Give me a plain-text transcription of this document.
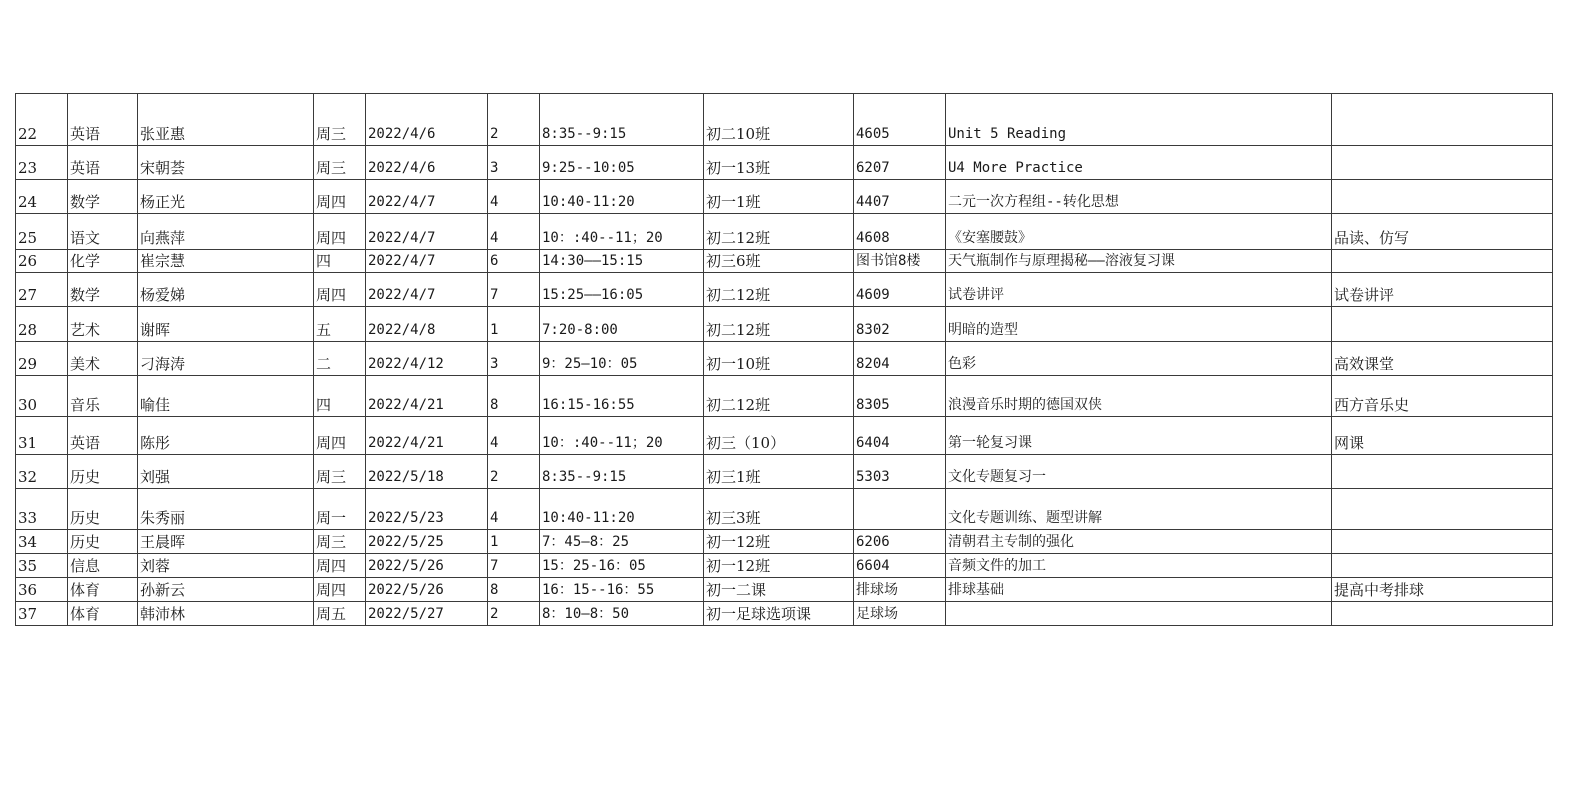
22	英语	张亚惠	周三	2022/4/6	2	8:35--9:15	初二10班	4605	Unit 5 Reading	
23	英语	宋朝荟	周三	2022/4/6	3	9:25--10:05	初一13班	6207	U4 More Practice	
24	数学	杨正光	周四	2022/4/7	4	10:40-11:20	初一1班	4407	二元一次方程组--转化思想	
25	语文	向燕萍	周四	2022/4/7	4	10：:40--11；20	初二12班	4608	《安塞腰鼓》	品读、仿写
26	化学	崔宗慧	四	2022/4/7	6	14:30——15:15	初三6班	图书馆8楼	天气瓶制作与原理揭秘——溶液复习课	
27	数学	杨爱娣	周四	2022/4/7	7	15:25——16:05	初二12班	4609	试卷讲评	试卷讲评
28	艺术	谢晖	五	2022/4/8	1	7:20-8:00	初二12班	8302	明暗的造型	
29	美术	刁海涛	二	2022/4/12	3	9：25—10：05	初一10班	8204	色彩	高效课堂
30	音乐	喻佳	四	2022/4/21	8	16:15-16:55	初二12班	8305	浪漫音乐时期的德国双侠	西方音乐史
31	英语	陈彤	周四	2022/4/21	4	10：:40--11；20	初三（10）	6404	第一轮复习课	网课
32	历史	刘强	周三	2022/5/18	2	8:35--9:15	初三1班	5303	文化专题复习一	
33	历史	朱秀丽	周一	2022/5/23	4	10:40-11:20	初三3班		文化专题训练、题型讲解	
34	历史	王晨晖	周三	2022/5/25	1	7：45—8：25	初一12班	6206	清朝君主专制的强化	
35	信息	刘蓉	周四	2022/5/26	7	15：25-16：05	初一12班	6604	音频文件的加工	
36	体育	孙新云	周四	2022/5/26	8	16：15--16：55	初一二课	排球场	排球基础	提高中考排球
37	体育	韩沛林	周五	2022/5/27	2	8：10—8：50	初一足球选项课	足球场		
